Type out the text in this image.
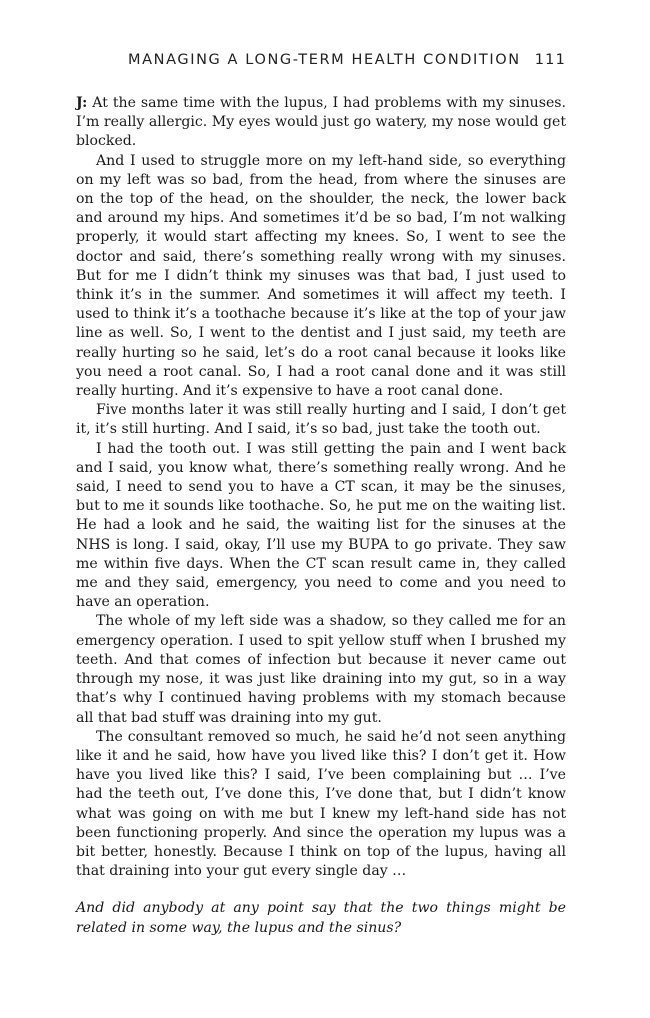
MANAGING A LONG-TERM HEALTH CONDITION 111

J: At the same time with the lupus, I had problems with my sinuses. I’m really allergic. My eyes would just go watery, my nose would get blocked.

And I used to struggle more on my left-hand side, so everything on my left was so bad, from the head, from where the sinuses are on the top of the head, on the shoulder, the neck, the lower back and around my hips. And sometimes it’d be so bad, I’m not walking properly, it would start affecting my knees. So, I went to see the doctor and said, there’s something really wrong with my sinuses. But for me I didn’t think my sinuses was that bad, I just used to think it’s in the summer. And sometimes it will affect my teeth. I used to think it’s a toothache because it’s like at the top of your jaw line as well. So, I went to the dentist and I just said, my teeth are really hurting so he said, let’s do a root canal because it looks like you need a root canal. So, I had a root canal done and it was still really hurting. And it’s expensive to have a root canal done.

Five months later it was still really hurting and I said, I don’t get it, it’s still hurting. And I said, it’s so bad, just take the tooth out.

I had the tooth out. I was still getting the pain and I went back and I said, you know what, there’s something really wrong. And he said, I need to send you to have a CT scan, it may be the sinuses, but to me it sounds like toothache. So, he put me on the waiting list. He had a look and he said, the waiting list for the sinuses at the NHS is long. I said, okay, I’ll use my BUPA to go private. They saw me within five days. When the CT scan result came in, they called me and they said, emergency, you need to come and you need to have an operation.

The whole of my left side was a shadow, so they called me for an emergency operation. I used to spit yellow stuff when I brushed my teeth. And that comes of infection but because it never came out through my nose, it was just like draining into my gut, so in a way that’s why I continued having problems with my stomach because all that bad stuff was draining into my gut.

The consultant removed so much, he said he’d not seen anything like it and he said, how have you lived like this? I don’t get it. How have you lived like this? I said, I’ve been complaining but … I’ve had the teeth out, I’ve done this, I’ve done that, but I didn’t know what was going on with me but I knew my left-hand side has not been functioning properly. And since the operation my lupus was a bit better, honestly. Because I think on top of the lupus, having all that draining into your gut every single day …

And did anybody at any point say that the two things might be related in some way, the lupus and the sinus?
